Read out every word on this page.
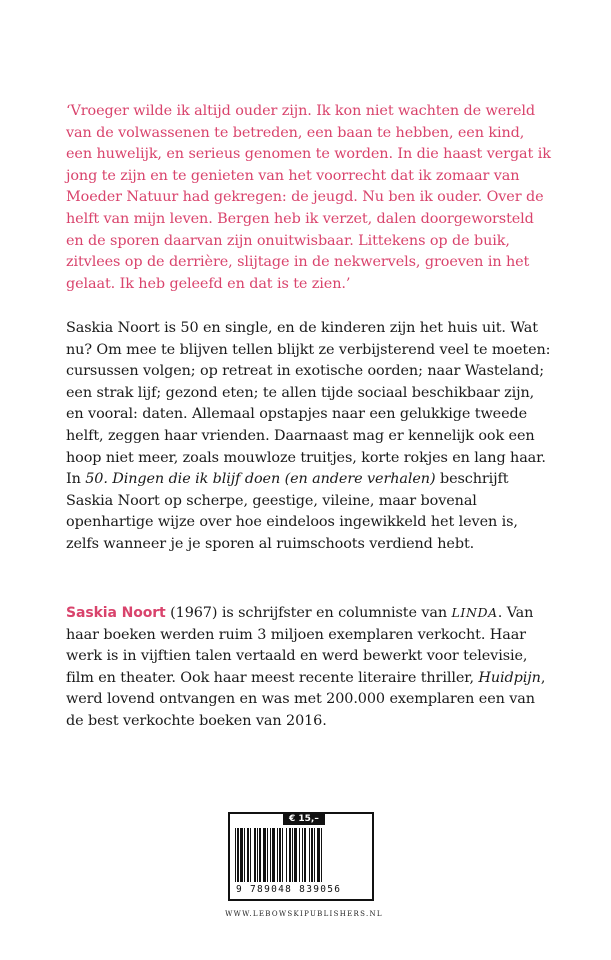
‘Vroeger wilde ik altijd ouder zijn. Ik kon niet wachten de wereld van de volwassenen te betreden, een baan te hebben, een kind, een huwelijk, en serieus genomen te worden. In die haast vergat ik jong te zijn en te genieten van het voorrecht dat ik zomaar van Moeder Natuur had gekregen: de jeugd. Nu ben ik ouder. Over de helft van mijn leven. Bergen heb ik verzet, dalen doorgeworsteld en de sporen daarvan zijn onuitwisbaar. Littekens op de buik, zitvlees op de derrière, slijtage in de nekwervels, groeven in het gelaat. Ik heb geleefd en dat is te zien.’

Saskia Noort is 50 en single, en de kinderen zijn het huis uit. Wat nu? Om mee te blijven tellen blijkt ze verbijsterend veel te moeten: cursussen volgen; op retreat in exotische oorden; naar Wasteland; een strak lijf; gezond eten; te allen tijde sociaal beschikbaar zijn, en vooral: daten. Allemaal opstapjes naar een gelukkige tweede helft, zeggen haar vrienden. Daarnaast mag er kennelijk ook een hoop niet meer, zoals mouwloze truitjes, korte rokjes en lang haar.

In 50. Dingen die ik blijf doen (en andere verhalen) beschrijft Saskia Noort op scherpe, geestige, vileine, maar bovenal openhartige wijze over hoe eindeloos ingewikkeld het leven is, zelfs wanneer je je sporen al ruimschoots verdiend hebt.

Saskia Noort (1967) is schrijfster en columniste van LINDA. Van haar boeken werden ruim 3 miljoen exemplaren verkocht. Haar werk is in vijftien talen vertaald en werd bewerkt voor televisie, film en theater. Ook haar meest recente literaire thriller, Huidpijn, werd lovend ontvangen en was met 200.000 exemplaren een van de best verkochte boeken van 2016.
€ 15,–
9 789048 839056
WWW.LEBOWSKIPUBLISHERS.NL
